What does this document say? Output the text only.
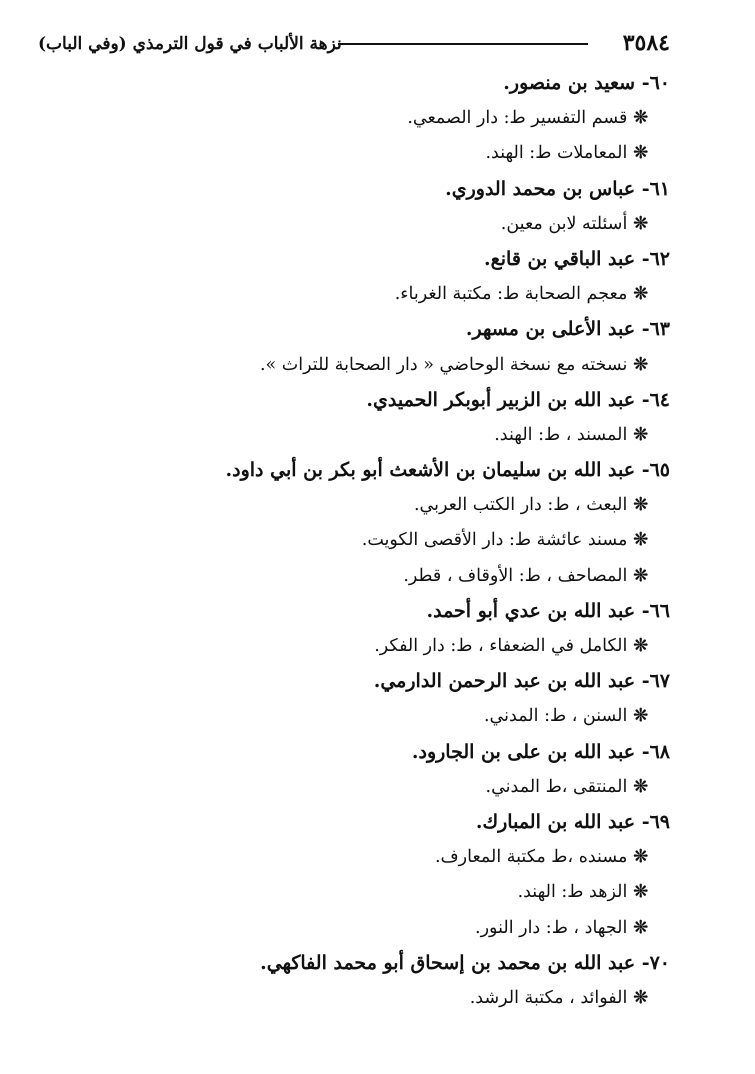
٣٥٨٤
نزهة الألباب في قول الترمذي (وفي الباب)
٦٠- سعيد بن منصور.
❊قسم التفسير ط: دار الصمعي.
❊المعاملات ط: الهند.
٦١- عباس بن محمد الدوري.
❊أسئلته لابن معين.
٦٢- عبد الباقي بن قانع.
❊معجم الصحابة ط: مكتبة الغرباء.
٦٣- عبد الأعلى بن مسهر.
❊نسخته مع نسخة الوحاضي « دار الصحابة للتراث ».
٦٤- عبد الله بن الزبير أبوبكر الحميدي.
❊المسند ، ط: الهند.
٦٥- عبد الله بن سليمان بن الأشعث أبو بكر بن أبي داود.
❊البعث ، ط: دار الكتب العربي.
❊مسند عائشة ط: دار الأقصى الكويت.
❊المصاحف ، ط: الأوقاف ، قطر.
٦٦- عبد الله بن عدي أبو أحمد.
❊الكامل في الضعفاء ، ط: دار الفكر.
٦٧- عبد الله بن عبد الرحمن الدارمي.
❊السنن ، ط: المدني.
٦٨- عبد الله بن على بن الجارود.
❊المنتقى ،ط المدني.
٦٩- عبد الله بن المبارك.
❊مسنده ،ط مكتبة المعارف.
❊الزهد ط: الهند.
❊الجهاد ، ط: دار النور.
٧٠- عبد الله بن محمد بن إسحاق أبو محمد الفاكهي.
❊الفوائد ، مكتبة الرشد.
